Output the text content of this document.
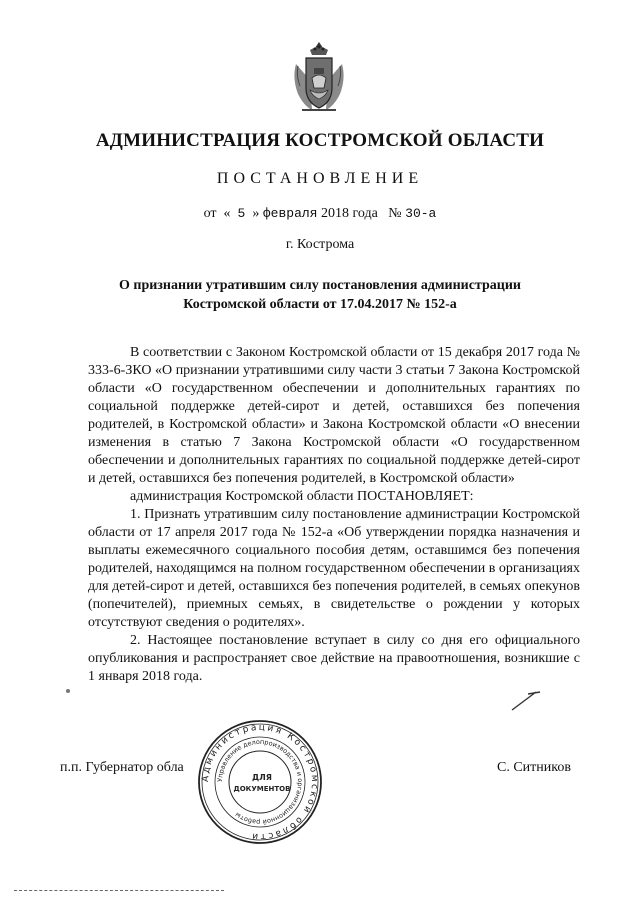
АДМИНИСТРАЦИЯ КОСТРОМСКОЙ ОБЛАСТИ
ПОСТАНОВЛЕНИЕ
от  « 5 » февраля 2018 года   № 30-а
г. Кострома
О признании утратившим силу постановления администрации
Костромской области от 17.04.2017 № 152-а

В соответствии с Законом Костромской области от 15 декабря 2017 года № 333-6-ЗКО «О признании утратившими силу части 3 статьи 7 Закона Костромской области «О государственном обеспечении и дополнительных гарантиях по социальной поддержке детей-сирот и детей, оставшихся без попечения родителей, в Костромской области» и Закона Костромской области «О внесении изменения в статью 7 Закона Костромской области «О государственном обеспечении и дополнительных гарантиях по социальной поддержке детей-сирот и детей, оставшихся без попечения родителей, в Костромской области»

администрация Костромской области ПОСТАНОВЛЯЕТ:

1. Признать утратившим силу постановление администрации Костромской области от 17 апреля 2017 года № 152-а «Об утверждении порядка назначения и выплаты ежемесячного социального пособия детям, оставшимся без попечения родителей, находящимся на полном государственном обеспечении в организациях для детей-сирот и детей, оставшихся без попечения родителей, в семьях опекунов (попечителей), приемных семьях, в свидетельстве о рождении у которых отсутствуют сведения о родителях».

2. Настоящее постановление вступает в силу со дня его официального опубликования и распространяет свое действие на правоотношения, возникшие с 1 января 2018 года.

п.п. Губернатор обла	С. Ситников
Администрация Костромской области
Управление делопроизводства и организационной работы
ДЛЯ
ДОКУМЕНТОВ
